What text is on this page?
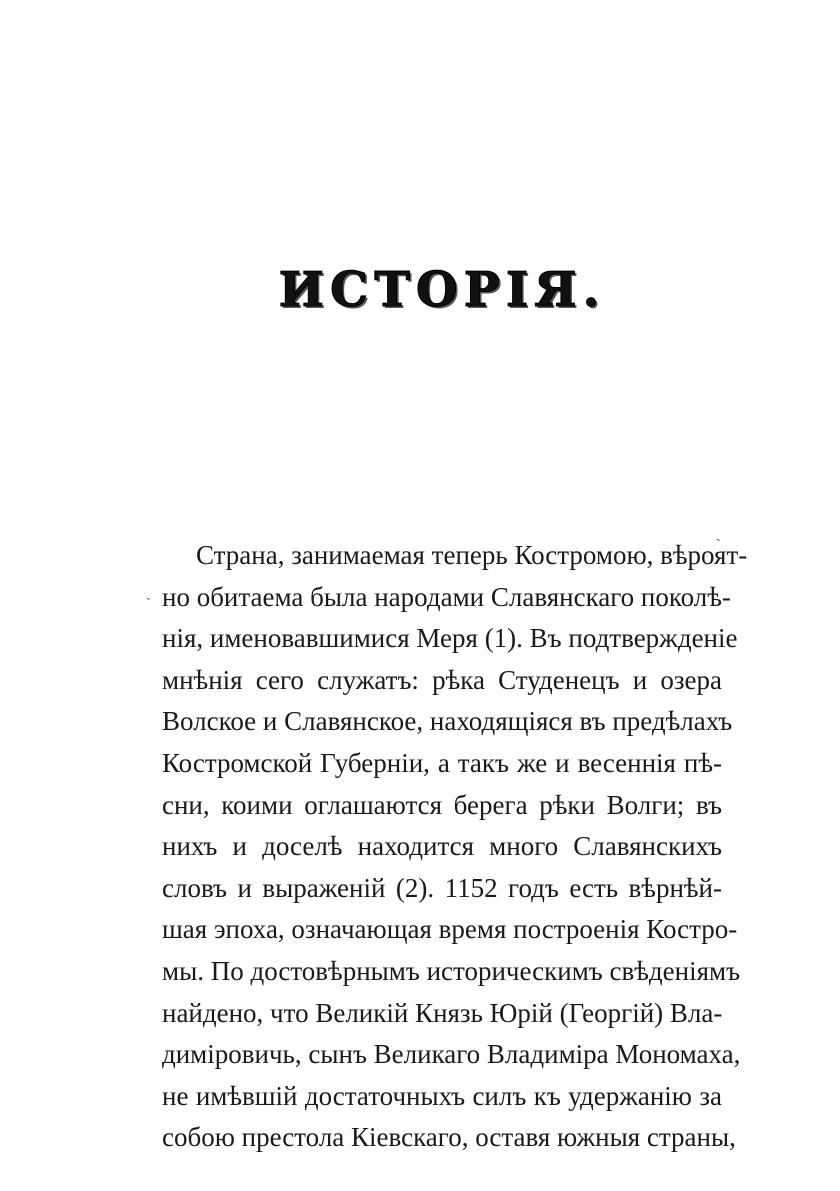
ИСТОРІЯ.
ˎ
ˏ
Страна, занимаемая теперь Костромою, вѣроят-
но обитаема была народами Славянскаго поколѣ-
нія, именовавшимися Меря (1). Въ подтвержденіе
мнѣнія сего служатъ: рѣка Студенецъ и озера
Волское и Славянское, находящіяся въ предѣлахъ
Костромской Губерніи, а такъ же и весеннія пѣ-
сни, коими оглашаются берега рѣки Волги; въ
нихъ и доселѣ находится много Славянскихъ
словъ и выраженій (2). 1152 годъ есть вѣрнѣй-
шая эпоха, означающая время построенія Костро-
мы. По достовѣрнымъ историческимъ свѣденіямъ
найдено, что Великій Князь Юрій (Георгій) Вла-
диміровичь, сынъ Великаго Владиміра Мономаха,
не имѣвшій достаточныхъ силъ къ удержанію за
собою престола Кіевскаго, оставя южныя страны,
